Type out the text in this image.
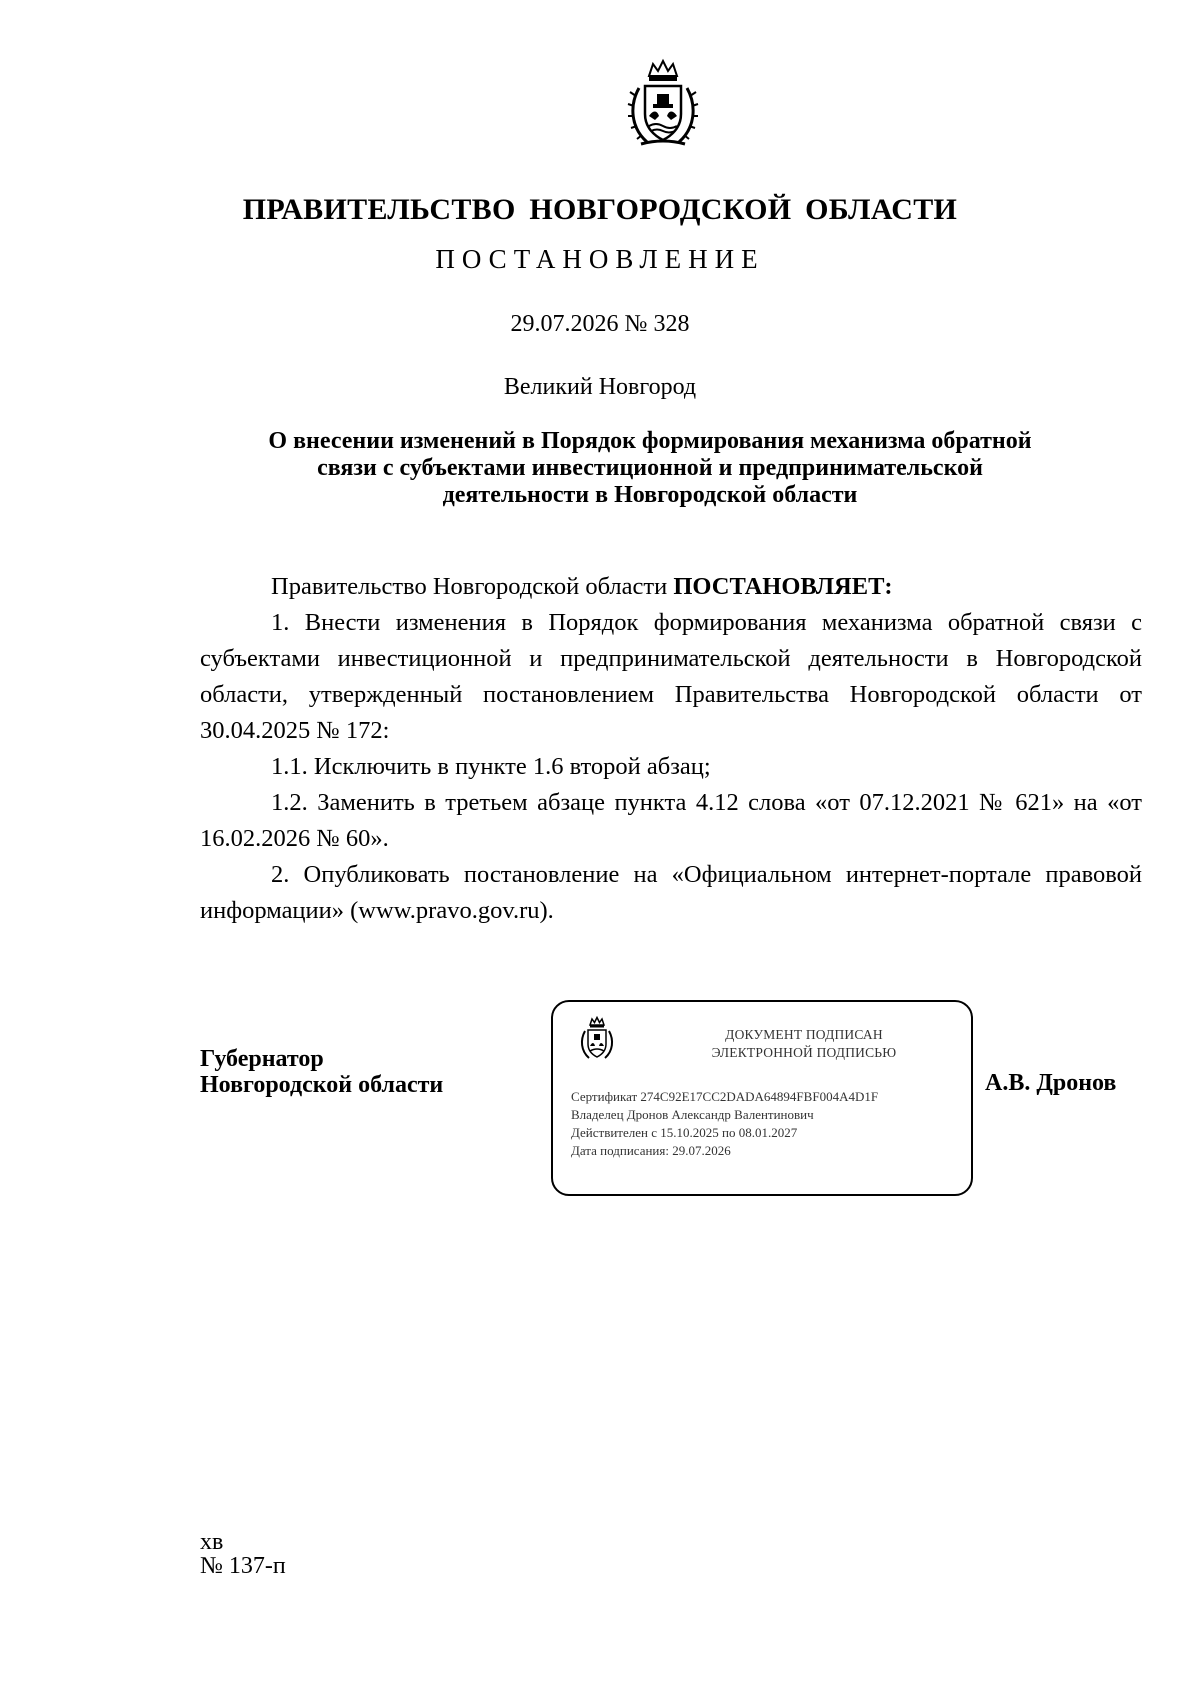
ПРАВИТЕЛЬСТВО НОВГОРОДСКОЙ ОБЛАСТИ
ПОСТАНОВЛЕНИЕ
29.07.2026 № 328
Великий Новгород
О внесении изменений в Порядок формирования механизма обратной
связи с субъектами инвестиционной и предпринимательской
деятельности в Новгородской области

Правительство Новгородской области ПОСТАНОВЛЯЕТ:

1. Внести изменения в Порядок формирования механизма обратной связи с субъектами инвестиционной и предпринимательской деятельности в Новгородской области, утвержденный постановлением Правительства Новгородской области от 30.04.2025 № 172:

1.1. Исключить в пункте 1.6 второй абзац;

1.2. Заменить в третьем абзаце пункта 4.12 слова «от 07.12.2021 № 621» на «от 16.02.2026 № 60».

2. Опубликовать постановление на «Официальном интернет-портале правовой информации» (www.pravo.gov.ru).

Губернатор
Новгородской области
ДОКУМЕНТ ПОДПИСАН
ЭЛЕКТРОННОЙ ПОДПИСЬЮ
Сертификат 274C92E17CC2DADA64894FBF004A4D1F
Владелец Дронов Александр Валентинович
Действителен с 15.10.2025 по 08.01.2027
Дата подписания: 29.07.2026
А.В. Дронов
хв
№ 137-п
